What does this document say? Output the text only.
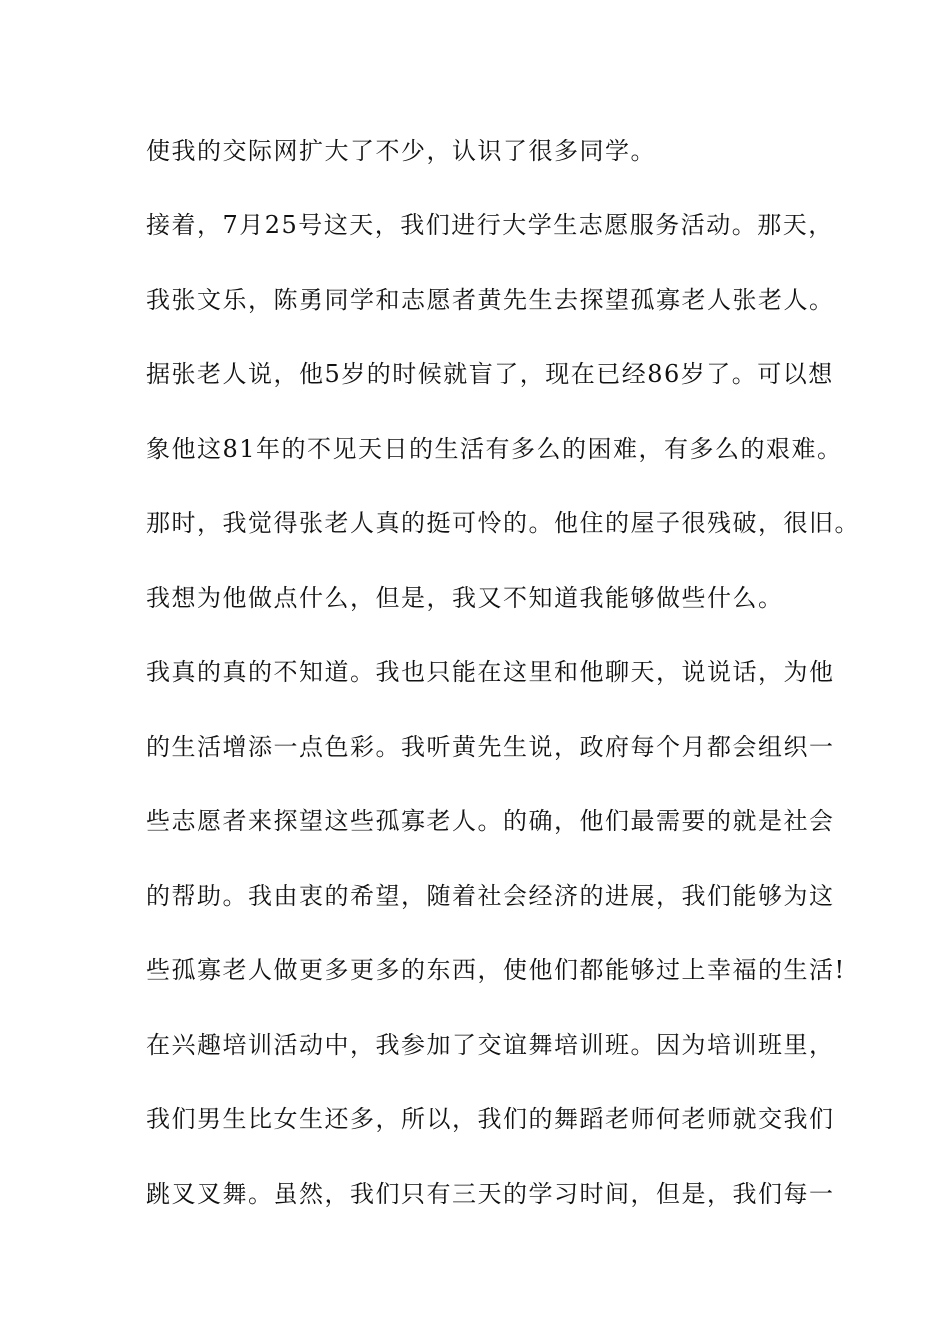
使我的交际网扩大了不少，认识了很多同学。
接着，7月25号这天，我们进行大学生志愿服务活动。那天，
我张文乐，陈勇同学和志愿者黄先生去探望孤寡老人张老人。
据张老人说，他5岁的时候就盲了，现在已经86岁了。可以想
象他这81年的不见天日的生活有多么的困难，有多么的艰难。
那时，我觉得张老人真的挺可怜的。他住的屋子很残破，很旧。
我想为他做点什么，但是，我又不知道我能够做些什么。
我真的真的不知道。我也只能在这里和他聊天，说说话，为他
的生活增添一点色彩。我听黄先生说，政府每个月都会组织一
些志愿者来探望这些孤寡老人。的确，他们最需要的就是社会
的帮助。我由衷的希望，随着社会经济的进展，我们能够为这
些孤寡老人做更多更多的东西，使他们都能够过上幸福的生活!
在兴趣培训活动中，我参加了交谊舞培训班。因为培训班里，
我们男生比女生还多，所以，我们的舞蹈老师何老师就交我们
跳叉叉舞。虽然，我们只有三天的学习时间，但是，我们每一
